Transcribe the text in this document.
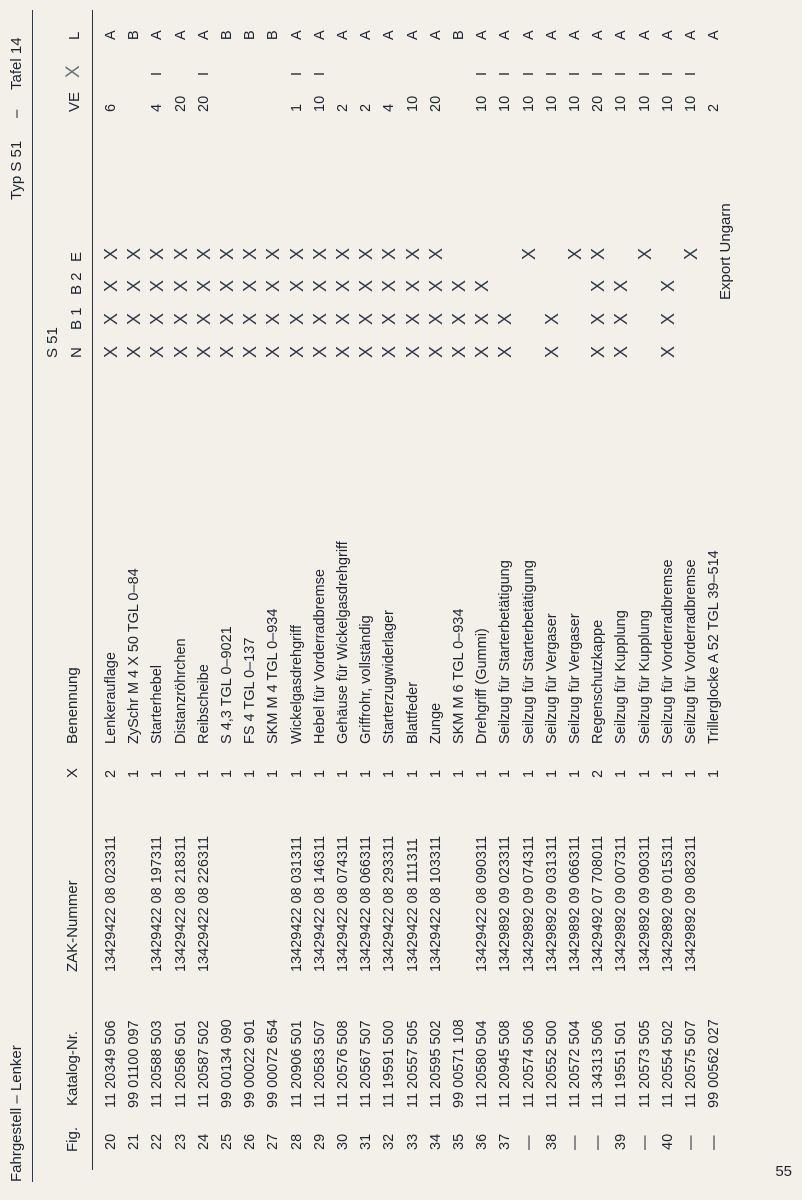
Fahrgestell – Lenker
Typ S 51
–
Tafel 14
Fig.
Katalog-Nr.
ZAK-Nummer
X
Benennung
S 51 N
B 1
B 2
E
VE
X
L
20
11 20349 506
13429422 08 023311
2
Lenkerauflage
X
X
X
X
6
A
21
99 01100 097
1
ZySchr M 4 X 50 TGL 0–84
X
X
X
X
B
22
11 20588 503
13429422 08 197311
1
Starterhebel
X
X
X
X
4
I
A
23
11 20586 501
13429422 08 218311
1
Distanzröhrchen
X
X
X
X
20
A
24
11 20587 502
13429422 08 226311
1
Reibscheibe
X
X
X
X
20
I
A
25
99 00134 090
1
S 4,3 TGL 0–9021
X
X
X
X
B
26
99 00022 901
1
FS 4 TGL 0–137
X
X
X
X
B
27
99 00072 654
1
SKM M 4 TGL 0–934
X
X
X
X
B
28
11 20906 501
13429422 08 031311
1
Wickelgasdrehgriff
X
X
X
X
1
I
A
29
11 20583 507
13429422 08 146311
1
Hebel für Vorderradbremse
X
X
X
X
10
I
A
30
11 20576 508
13429422 08 074311
1
Gehäuse für Wickelgasdrehgriff
X
X
X
X
2
A
31
11 20567 507
13429422 08 066311
1
Griffrohr, vollständig
X
X
X
X
2
A
32
11 19591 500
13429422 08 293311
1
Starterzugwiderlager
X
X
X
X
4
A
33
11 20557 505
13429422 08 111311
1
Blattfeder
X
X
X
X
10
A
34
11 20595 502
13429422 08 103311
1
Zunge
X
X
X
X
20
A
35
99 00571 108
1
SKM M 6 TGL 0–934
X
X
X
B
36
11 20580 504
13429422 08 090311
1
Drehgriff (Gummi)
X
X
X
10
I
A
37
11 20945 508
13429892 09 023311
1
Seilzug für Starterbetätigung
X
X
10
I
A
—
11 20574 506
13429892 09 074311
1
Seilzug für Starterbetätigung
X
10
I
A
38
11 20552 500
13429892 09 031311
1
Seilzug für Vergaser
X
X
10
I
A
—
11 20572 504
13429892 09 066311
1
Seilzug für Vergaser
X
10
I
A
—
11 34313 506
13429492 07 708011
2
Regenschutzkappe
X
X
X
X
20
I
A
39
11 19551 501
13429892 09 007311
1
Seilzug für Kupplung
X
X
X
10
I
A
—
11 20573 505
13429892 09 090311
1
Seilzug für Kupplung
X
10
I
A
40
11 20554 502
13429892 09 015311
1
Seilzug für Vorderradbremse
X
X
X
10
I
A
—
11 20575 507
13429892 09 082311
1
Seilzug für Vorderradbremse
X
10
I
A
—
99 00562 027
1
Trillerglocke A 52 TGL 39–514
2
A
Export Ungarn
55
